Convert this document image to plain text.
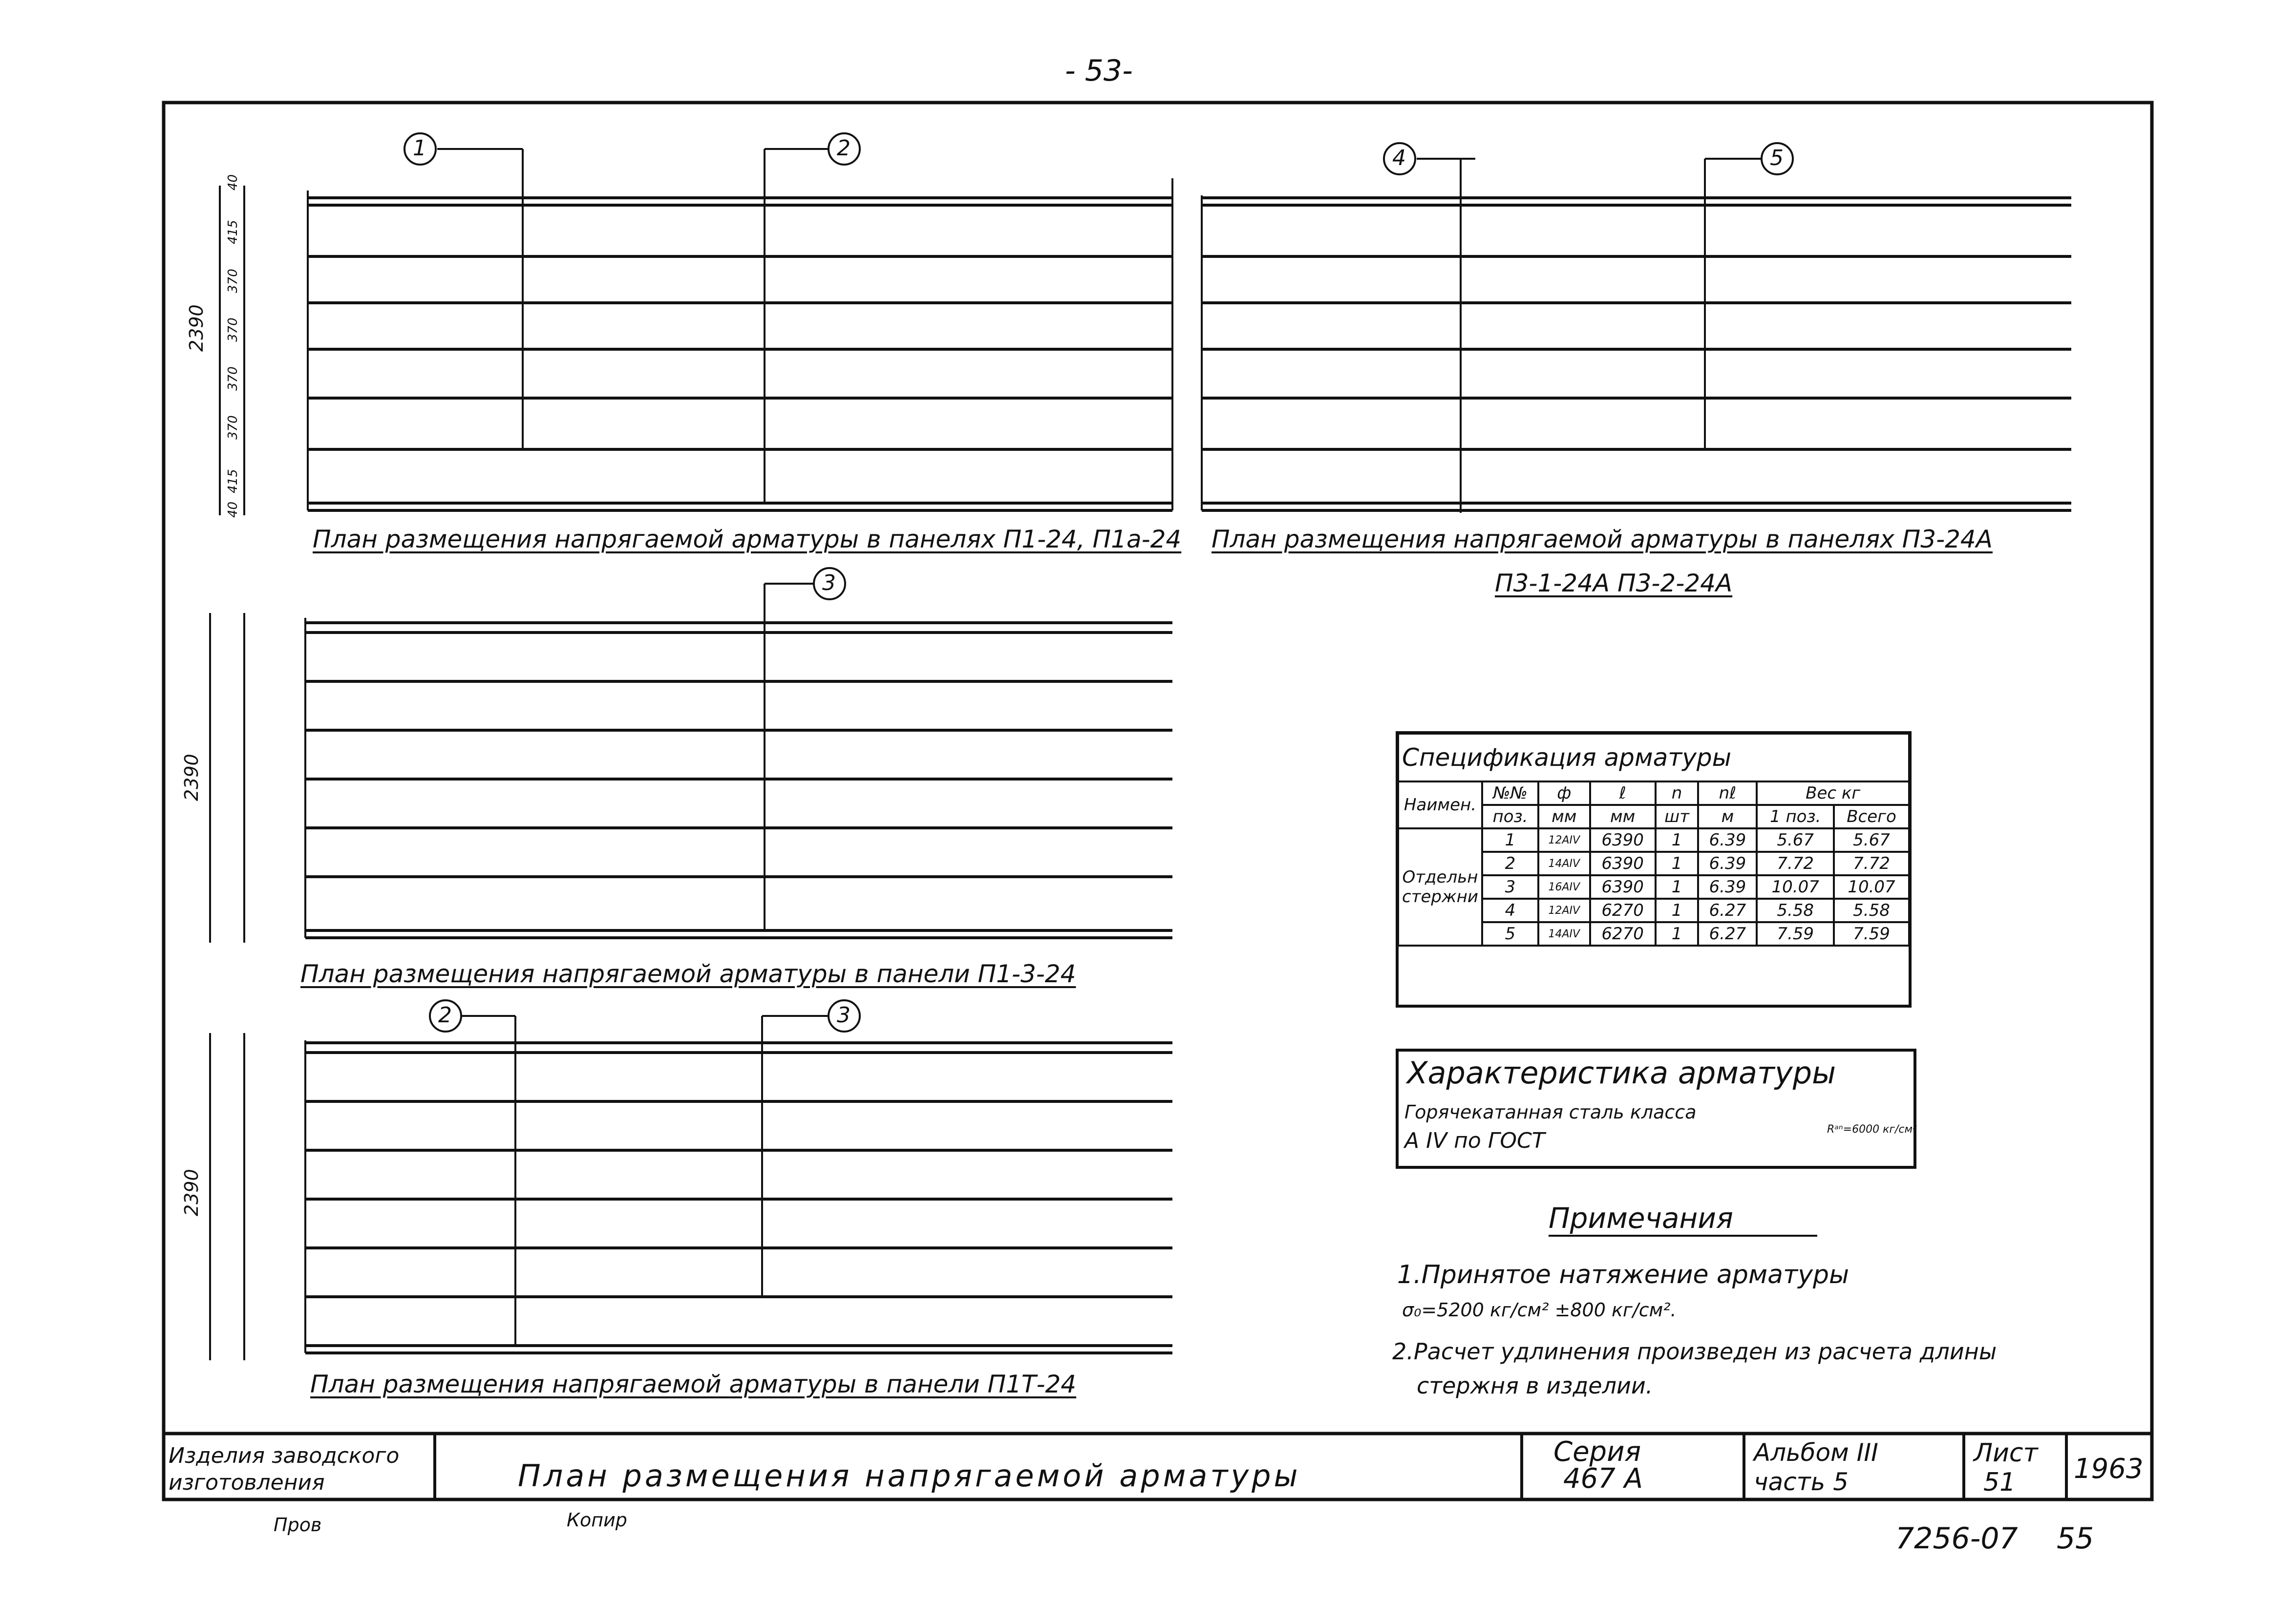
- 53-
1	2	4	5
3
2	3
2390
2390
2390
40
415
370
370
370
370
415
40
План размещения напрягаемой арматуры в панелях П1-24, П1а-24 План размещения напрягаемой арматуры в панелях П3-24А
П3-1-24А П3-2-24А
План размещения напрягаемой арматуры в панели П1-3-24
План размещения напрягаемой арматуры в панели П1Т-24
Спецификация арматуры							
Наимен.	№№	ф	ℓ	n	nℓ	Вес кг	
	поз.	мм	мм	шт	м	1 поз.	Всего
Отдельн стержни	1	12АIV	6390	1	6.39	5.67	5.67
	2	14АIV	6390	1	6.39	7.72	7.72
	3	16АIV	6390	1	6.39	10.07	10.07
	4	12АIV	6270	1	6.27	5.58	5.58
	5	14АIV	6270	1	6.27	7.59	7.59
Характеристика арматуры
Горячекатанная сталь класса
А IV по ГОСТ	Rᵃⁿ=6000 кг/см²
Примечания
1.Принятое натяжение арматуры
σ₀=5200 кг/см² ±800 кг/см².
2.Расчет удлинения произведен из расчета длины
стержня в изделии.
Изделия заводского
изготовления	План размещения напрягаемой арматуры
Серия
467 А
Альбом III
часть 5
Лист
51 1963
Пров	Копир
7256-07 55
